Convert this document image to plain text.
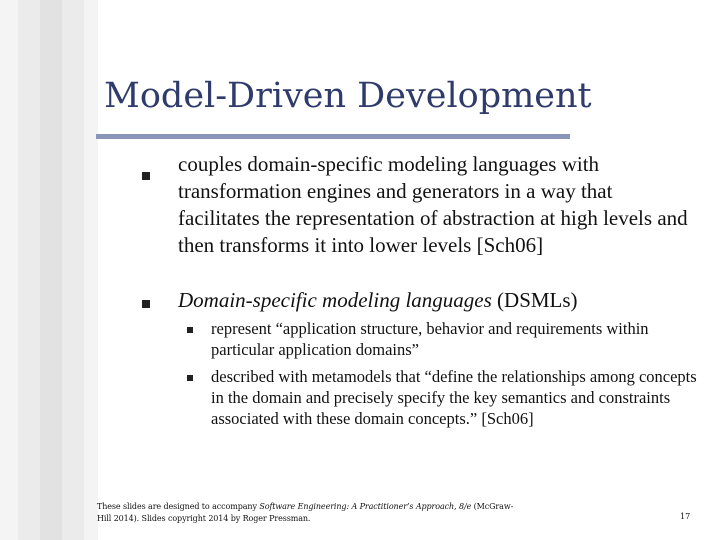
Model-Driven Development
couples domain-specific modeling languages with transformation engines and generators in a way that facilitates the representation of abstraction at high levels and then transforms it into lower levels [Sch06]
Domain-specific modeling languages (DSMLs)
represent “application structure, behavior and requirements within particular application domains”
described with metamodels that “define the relationships among concepts in the domain and precisely specify the key semantics and constraints associated with these domain concepts.” [Sch06]
These slides are designed to accompany Software Engineering: A Practitioner’s Approach, 8/e (McGraw-Hill 2014). Slides copyright 2014 by Roger Pressman.	17
